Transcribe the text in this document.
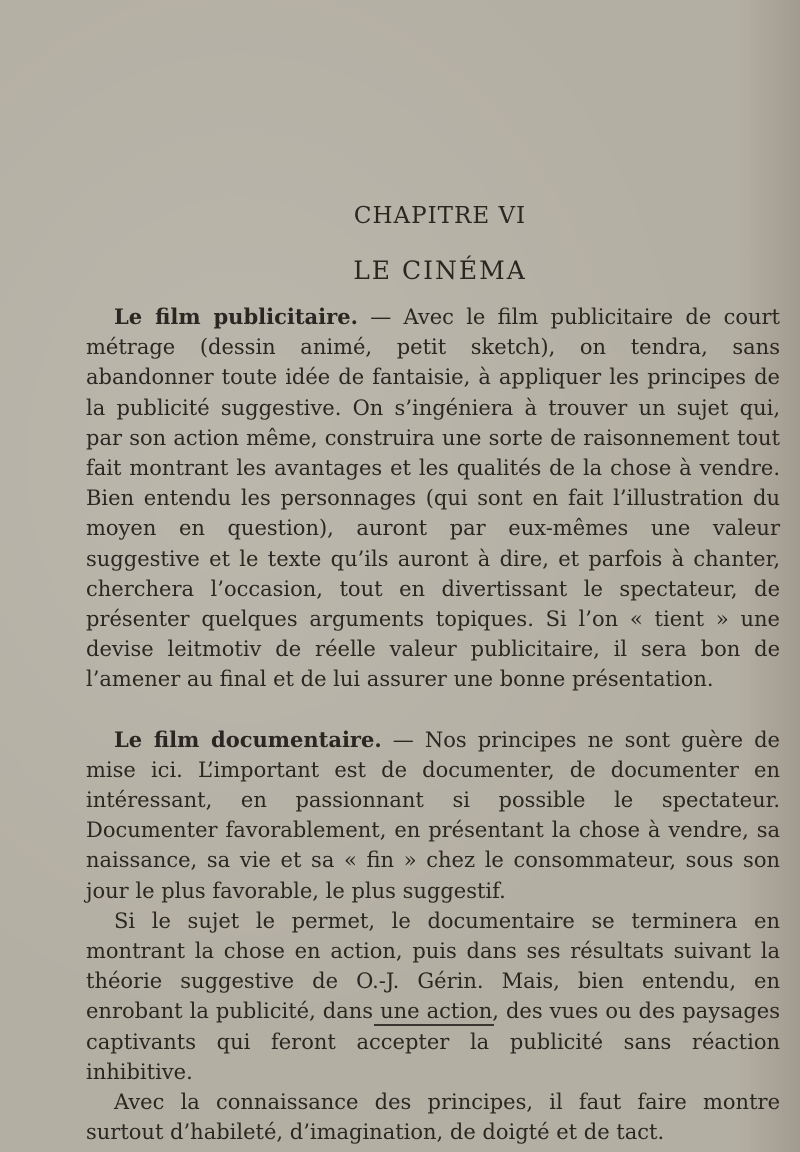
CHAPITRE VI
LE CINÉMA

Le film publicitaire. — Avec le film publicitaire de court métrage (dessin animé, petit sketch), on tendra, sans abandonner toute idée de fantaisie, à appliquer les principes de la publicité suggestive. On s’ingéniera à trouver un sujet qui, par son action même, construira une sorte de raisonnement tout fait montrant les avantages et les qualités de la chose à vendre. Bien entendu les personnages (qui sont en fait l’illustration du moyen en question), auront par eux-mêmes une valeur suggestive et le texte qu’ils auront à dire, et parfois à chanter, cherchera l’occasion, tout en divertissant le spectateur, de présenter quelques arguments topiques. Si l’on « tient » une devise leitmotiv de réelle valeur publicitaire, il sera bon de l’amener au final et de lui assurer une bonne présentation.

Le film documentaire. — Nos principes ne sont guère de mise ici. L’important est de documenter, de documenter en intéressant, en passionnant si possible le spectateur. Documenter favorablement, en présentant la chose à vendre, sa naissance, sa vie et sa « fin » chez le consommateur, sous son jour le plus favorable, le plus suggestif.

Si le sujet le permet, le documentaire se terminera en montrant la chose en action, puis dans ses résultats suivant la théorie suggestive de O.-J. Gérin. Mais, bien entendu, en enrobant la publicité, dans une action, des vues ou des paysages captivants qui feront accepter la publicité sans réaction inhibitive.

Avec la connaissance des principes, il faut faire montre surtout d’habileté, d’imagination, de doigté et de tact.
